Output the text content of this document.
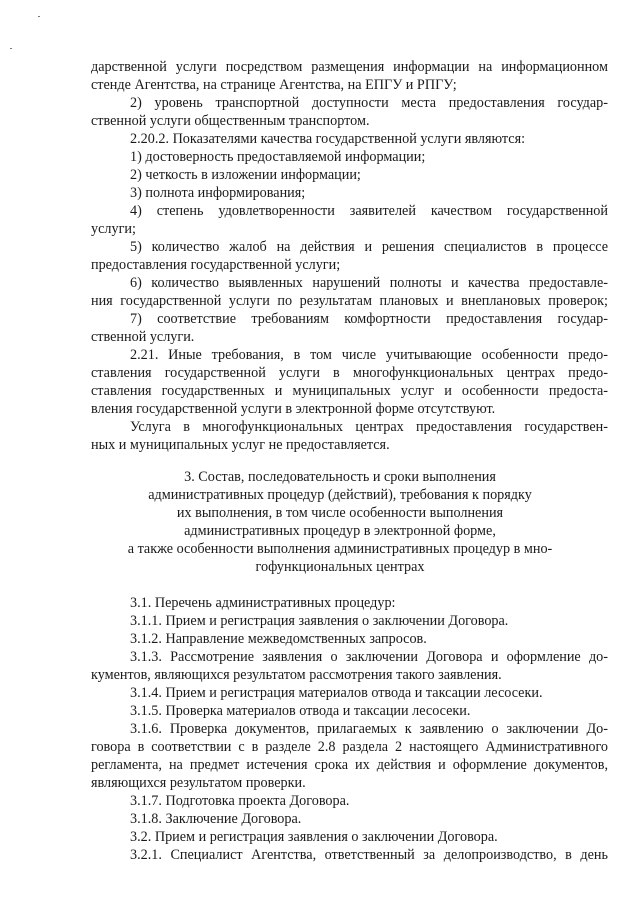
дарственной услуги посредством размещения информации на информационном
стенде Агентства, на странице Агентства, на ЕПГУ и РПГУ;
2) уровень транспортной доступности места предоставления государ-
ственной услуги общественным транспортом.
2.20.2. Показателями качества государственной услуги являются:
1) достоверность предоставляемой информации;
2) четкость в изложении информации;
3) полнота информирования;
4) степень удовлетворенности заявителей качеством государственной
услуги;
5) количество жалоб на действия и решения специалистов в процессе
предоставления государственной услуги;
6) количество выявленных нарушений полноты и качества предоставле-
ния государственной услуги по результатам плановых и внеплановых проверок;
7) соответствие требованиям комфортности предоставления государ-
ственной услуги.
2.21. Иные требования, в том числе учитывающие особенности предо-
ставления государственной услуги в многофункциональных центрах предо-
ставления государственных и муниципальных услуг и особенности предоста-
вления государственной услуги в электронной форме отсутствуют.
Услуга в многофункциональных центрах предоставления государствен-
ных и муниципальных услуг не предоставляется.
3. Состав, последовательность и сроки выполнения
административных процедур (действий), требования к порядку
их выполнения, в том числе особенности выполнения
административных процедур в электронной форме,
а также особенности выполнения административных процедур в мно-
гофункциональных центрах
3.1. Перечень административных процедур:
3.1.1. Прием и регистрация заявления о заключении Договора.
3.1.2. Направление межведомственных запросов.
3.1.3. Рассмотрение заявления о заключении Договора и оформление до-
кументов, являющихся результатом рассмотрения такого заявления.
3.1.4. Прием и регистрация материалов отвода и таксации лесосеки.
3.1.5. Проверка материалов отвода и таксации лесосеки.
3.1.6. Проверка документов, прилагаемых к заявлению о заключении До-
говора в соответствии с в разделе 2.8 раздела 2 настоящего Административного
регламента, на предмет истечения срока их действия и оформление документов,
являющихся результатом проверки.
3.1.7. Подготовка проекта Договора.
3.1.8. Заключение Договора.
3.2. Прием и регистрация заявления о заключении Договора.
3.2.1. Специалист Агентства, ответственный за делопроизводство, в день
